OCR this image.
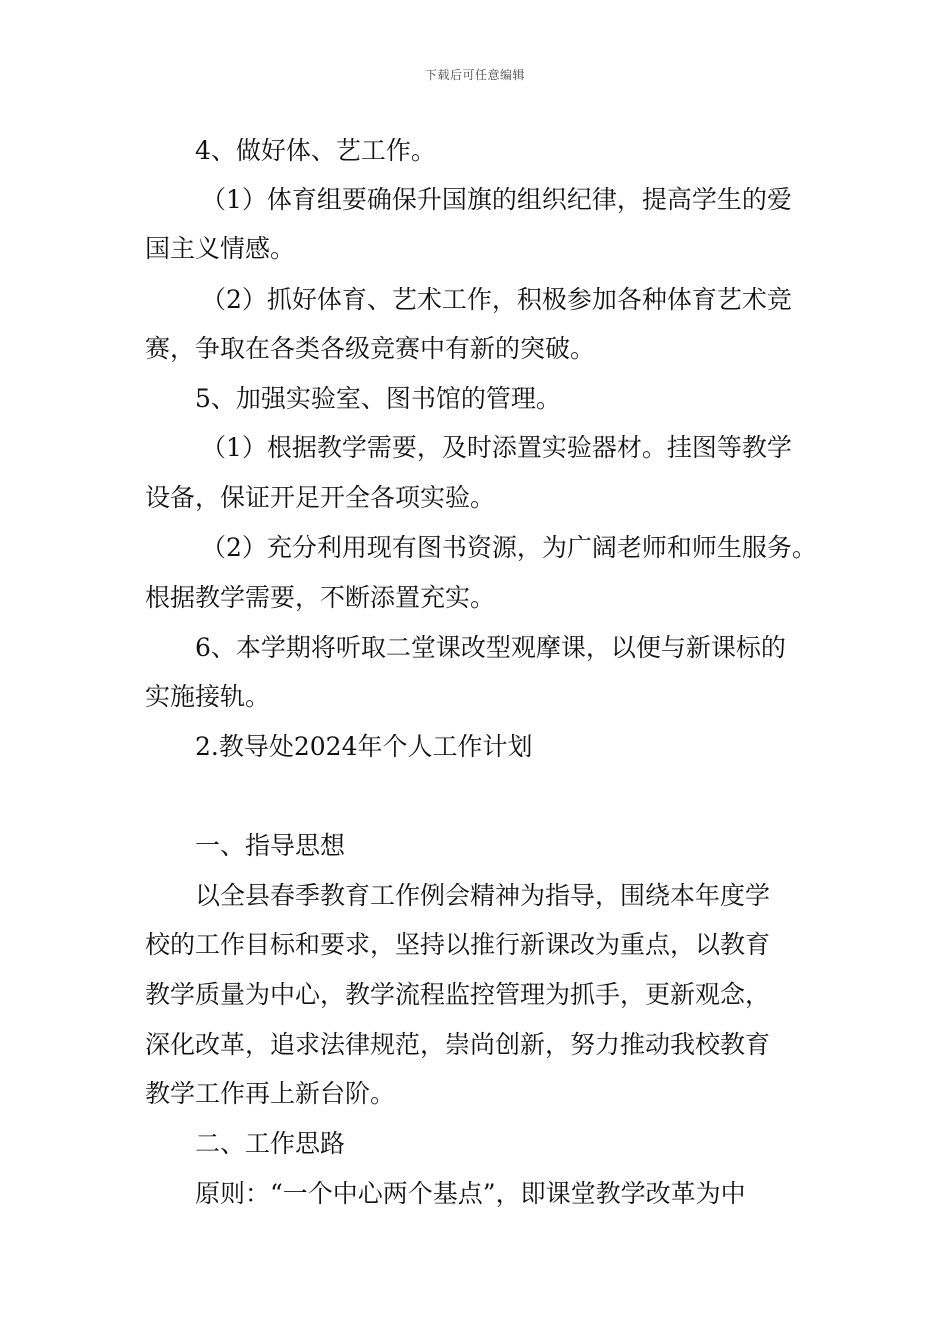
下载后可任意编辑
4、做好体、艺工作。
（1）体育组要确保升国旗的组织纪律，提高学生的爱
国主义情感。
（2）抓好体育、艺术工作，积极参加各种体育艺术竞
赛，争取在各类各级竞赛中有新的突破。
5、加强实验室、图书馆的管理。
（1）根据教学需要，及时添置实验器材。挂图等教学
设备，保证开足开全各项实验。
（2）充分利用现有图书资源，为广阔老师和师生服务。
根据教学需要，不断添置充实。
6、本学期将听取二堂课改型观摩课，以便与新课标的
实施接轨。
2.教导处2024年个人工作计划
一、指导思想
以全县春季教育工作例会精神为指导，围绕本年度学
校的工作目标和要求，坚持以推行新课改为重点，以教育
教学质量为中心，教学流程监控管理为抓手，更新观念，
深化改革，追求法律规范，崇尚创新，努力推动我校教育
教学工作再上新台阶。
二、工作思路
原则：“一个中心两个基点”，即课堂教学改革为中
